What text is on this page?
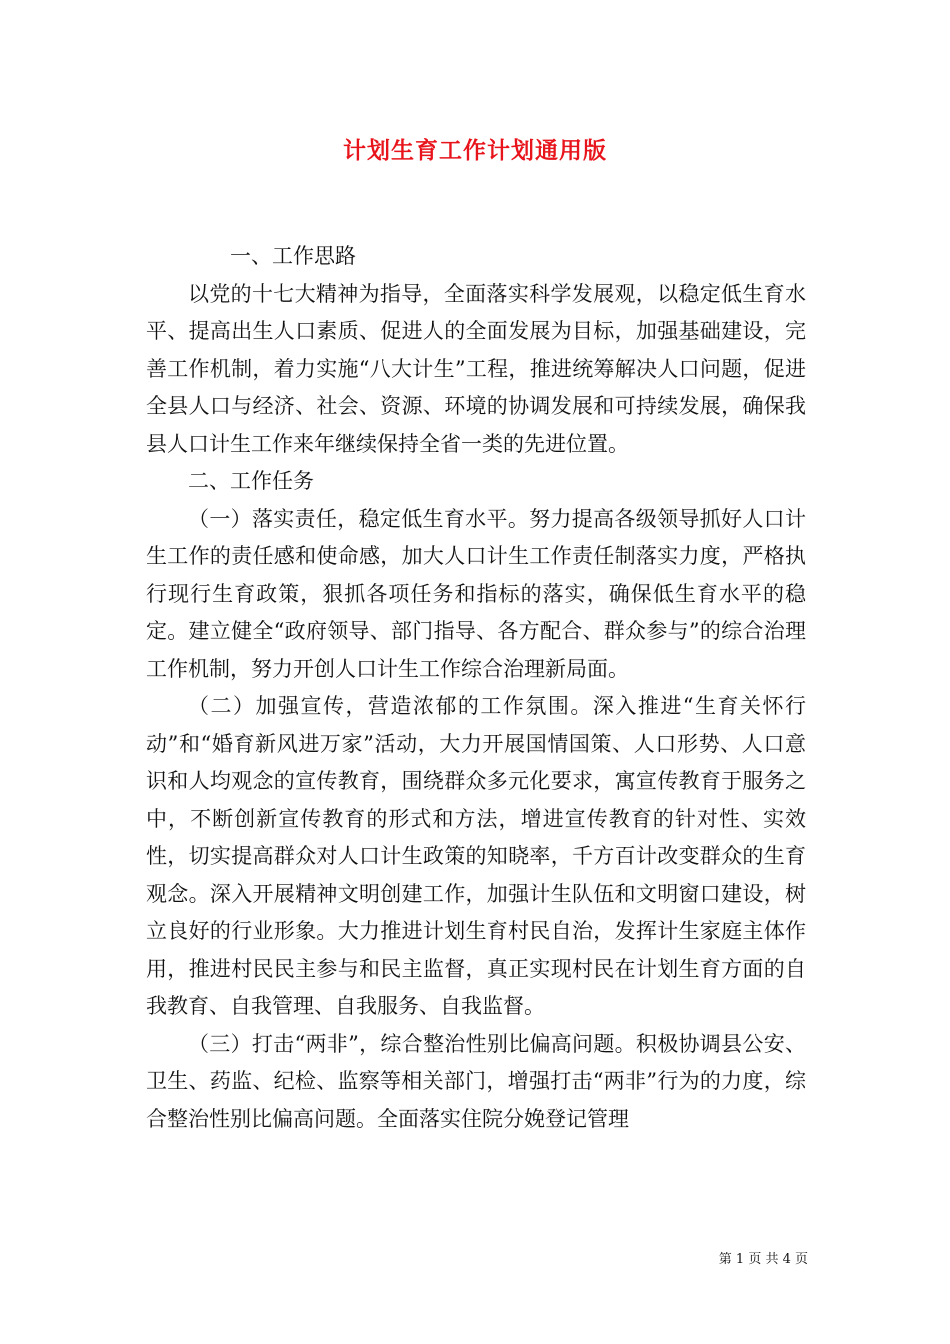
计划生育工作计划通用版

一、工作思路

以党的十七大精神为指导，全面落实科学发展观，以稳定低生育水平、提高出生人口素质、促进人的全面发展为目标，加强基础建设，完善工作机制，着力实施“八大计生”工程，推进统筹解决人口问题，促进全县人口与经济、社会、资源、环境的协调发展和可持续发展，确保我县人口计生工作来年继续保持全省一类的先进位置。

二、工作任务

（一）落实责任，稳定低生育水平。努力提高各级领导抓好人口计生工作的责任感和使命感，加大人口计生工作责任制落实力度，严格执行现行生育政策，狠抓各项任务和指标的落实，确保低生育水平的稳定。建立健全“政府领导、部门指导、各方配合、群众参与”的综合治理工作机制，努力开创人口计生工作综合治理新局面。

（二）加强宣传，营造浓郁的工作氛围。深入推进“生育关怀行动”和“婚育新风进万家”活动，大力开展国情国策、人口形势、人口意识和人均观念的宣传教育，围绕群众多元化要求，寓宣传教育于服务之中，不断创新宣传教育的形式和方法，增进宣传教育的针对性、实效性，切实提高群众对人口计生政策的知晓率，千方百计改变群众的生育观念。深入开展精神文明创建工作，加强计生队伍和文明窗口建设，树立良好的行业形象。大力推进计划生育村民自治，发挥计生家庭主体作用，推进村民民主参与和民主监督，真正实现村民在计划生育方面的自我教育、自我管理、自我服务、自我监督。

（三）打击“两非”，综合整治性别比偏高问题。积极协调县公安、卫生、药监、纪检、监察等相关部门，增强打击“两非”行为的力度，综合整治性别比偏高问题。全面落实住院分娩登记管理

第 1 页 共 4 页
